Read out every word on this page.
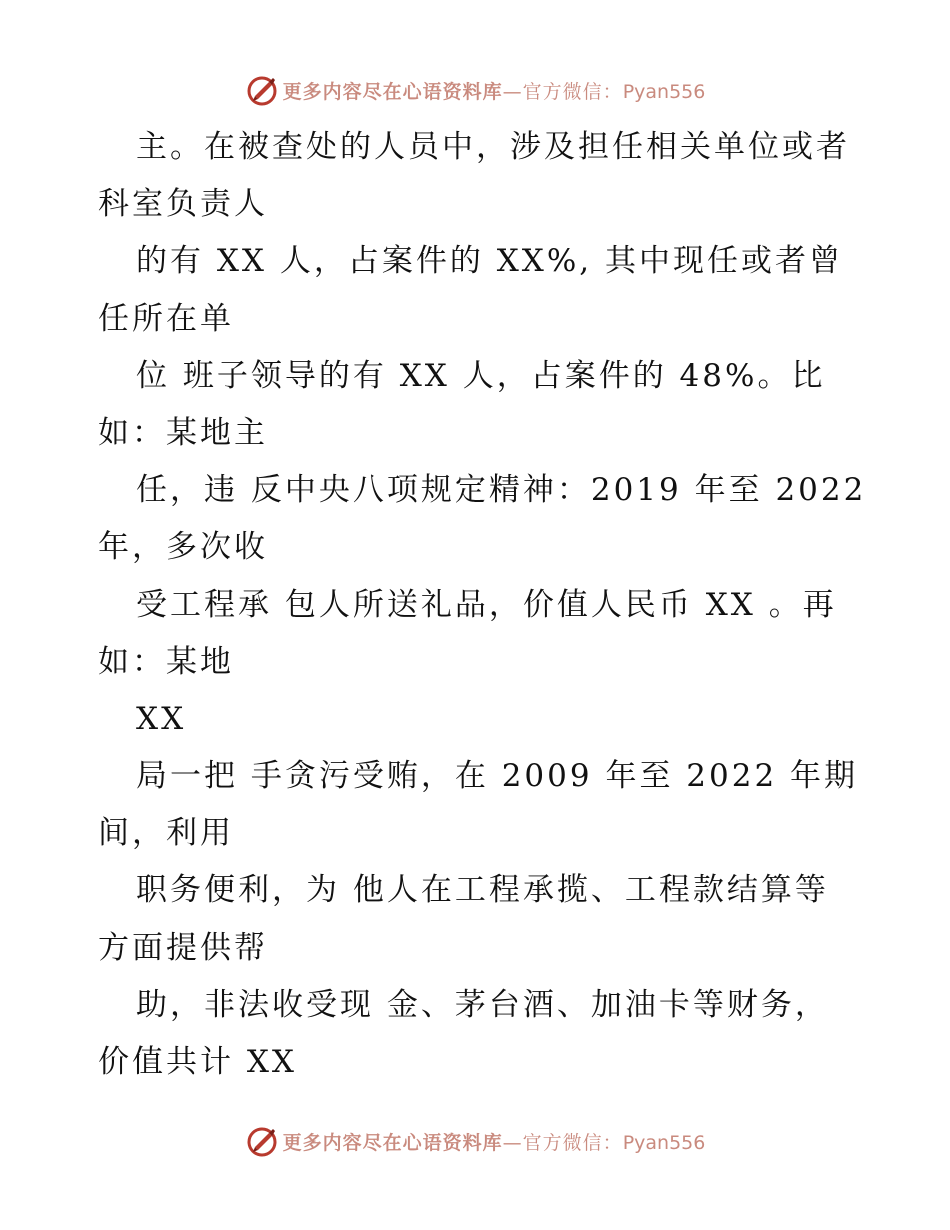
更多内容尽在心语资料库—官方微信：Pyan556
主。在被查处的人员中，涉及担任相关单位或者
科室负责人
的有 XX 人，占案件的 XX%, 其中现任或者曾
任所在单
位 班子领导的有 XX 人，占案件的 48%。比
如：某地主
任，违 反中央八项规定精神：2019 年至 2022
年，多次收
受工程承 包人所送礼品，价值人民币 XX 。再
如：某地
XX
局一把 手贪污受贿，在 2009 年至 2022 年期
间，利用
职务便利，为 他人在工程承揽、工程款结算等
方面提供帮
助，非法收受现 金、茅台酒、加油卡等财务，
价值共计 XX
更多内容尽在心语资料库—官方微信：Pyan556
